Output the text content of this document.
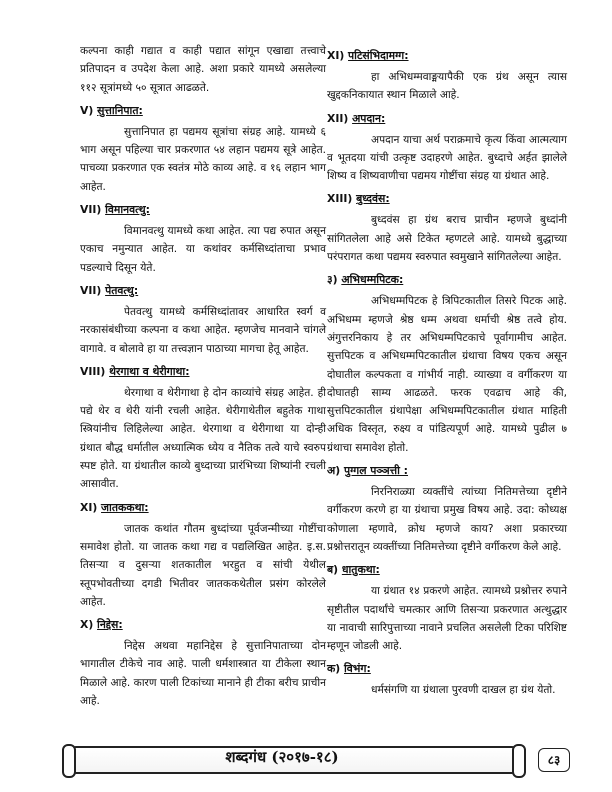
कल्पना काही गद्यात व काही पद्यात सांगून एखाद्या तत्त्वाचे प्रतिपादन व उपदेश केला आहे. अशा प्रकारे यामध्ये असलेल्या ११२ सूत्रांमध्ये ५० सूत्रात आढळते.

V) सुत्तानिपात:

सुत्तानिपात हा पद्यमय सूत्रांचा संग्रह आहे. यामध्ये ६ भाग असून पहिल्या चार प्रकरणात ५४ लहान पद्यमय सूत्रे आहेत. पाचव्या प्रकरणात एक स्वतंत्र मोठे काव्य आहे. व १६ लहान भाग आहेत.

VII) विमानवत्थु:

विमानवत्थु यामध्ये कथा आहेत. त्या पद्य रुपात असून एकाच नमुन्यात आहेत. या कथांवर कर्मसिध्दांताचा प्रभाव पडल्याचे दिसून येते.

VII) पेतवत्थु:

पेतवत्थु यामध्ये कर्मसिध्दांतावर आधारित स्वर्ग व नरकासंबंधीच्या कल्पना व कथा आहेत. म्हणजेच मानवाने चांगले वागावे. व बोलावे हा या तत्त्वज्ञान पाठाच्या मागचा हेतू आहेत.

VIII) थेरगाथा व थेरीगाथा:

थेरगाथा व थेरीगाथा हे दोन काव्यांचे संग्रह आहेत. ही पद्ये थेर व थेरी यांनी रचली आहेत. थेरीगाथेतील बहुतेक गाथा स्त्रियांनीच लिहिलेल्या आहेत. थेरगाथा व थेरीगाथा या दोन्ही ग्रंथात बौद्ध धर्मातील अध्यात्मिक ध्येय व नैतिक तत्वे याचे स्वरुप स्पष्ट होते. या ग्रंथातील काव्ये बुध्दाच्या प्रारंभिच्या शिष्यांनी रचली आसावीत.

XI) जातककथा:

जातक कथांत गौतम बुध्दांच्या पूर्वजन्मीच्या गोष्टींचा समावेश होतो. या जातक कथा गद्य व पद्यलिखित आहेत. इ.स. तिसऱ्या व दुसऱ्या शतकातील भरहुत व सांची येथील स्तूपभोवतीच्या दगडी भितीवर जातककथेतील प्रसंग कोरलेले आहेत.

X) निद्देस:

निद्देस अथवा महानिद्देस हे सुत्तानिपाताच्या दोन भागातील टीकेचे नाव आहे. पाली धर्मशास्त्रात या टीकेला स्थान मिळाले आहे. कारण पाली टिकांच्या मानाने ही टीका बरीच प्राचीन आहे.

XI) पटिसंभिदामग्ग:

हा अभिधम्मवाङ्मयापैकी एक ग्रंथ असून त्यास खुद्दकनिकायात स्थान मिळाले आहे.

XII) अपदान:

अपदान याचा अर्थ पराक्रमाचे कृत्य किंवा आत्मत्याग व भूतदया यांची उत्कृष्ट उदाहरणे आहेत. बुध्दाचे अर्हत झालेले शिष्य व शिष्यवाणीचा पद्यमय गोष्टींचा संग्रह या ग्रंथात आहे.

XIII) बुध्दवंस:

बुध्दवंस हा ग्रंथ बराच प्राचीन म्हणजे बुध्दांनी सांगितलेला आहे असे टिकेत म्हणटले आहे. यामध्ये बुद्धाच्या परंपरागत कथा पद्यमय स्वरुपात स्वमुखाने सांगितलेल्या आहेत.

३) अभिधम्मपिटक:

अभिधम्मपिटक हे त्रिपिटकातील तिसरे पिटक आहे. अभिधम्म म्हणजे श्रेष्ठ धम्म अथवा धर्माची श्रेष्ठ तत्वे होय. अंगुत्तरनिकाय हे तर अभिधम्मपिटकाचे पूर्वागामीच आहेत. सुत्तपिटक व अभिधम्मपिटकातील ग्रंथाचा विषय एकच असून दोघातील कल्पकता व गांभीर्य नाही. व्याख्या व वर्गीकरण या दोघातही साम्य आढळते. फरक एवढाच आहे की, सुत्तपिटकातील ग्रंथापेक्षा अभिधम्मपिटकातील ग्रंथात माहिती अधिक विस्तृत, रुक्ष्य व पांडित्यपूर्ण आहे. यामध्ये पुढील ७ ग्रंथाचा समावेश होतो.

अ) पुग्गल पञ्ञत्ती :

निरनिराळ्या व्यक्तींचे त्यांच्या नितिमत्तेच्या दृष्टीने वर्गीकरण करणे हा या ग्रंथाचा प्रमुख विषय आहे. उदा: कोध्यक्ष कोणाला म्हणावे, क्रोध म्हणजे काय? अशा प्रकारच्या प्रश्नोत्तरातून व्यक्तींच्या नितिमत्तेच्या दृष्टीने वर्गीकरण केले आहे.

ब) धातुकथा:

या ग्रंथात १४ प्रकरणे आहेत. त्यामध्ये प्रश्नोत्तर रुपाने सृष्टीतील पदार्थांचे चमत्कार आणि तिसऱ्या प्रकरणात अत्थुद्धार या नावाची सारिपुत्ताच्या नावाने प्रचलित असलेली टिका परिशिष्ट म्हणून जोडली आहे.

क) विभंग:

धर्मसंगणि या ग्रंथाला पुरवणी दाखल हा ग्रंथ येतो.

शब्दगंध (२०१७-१८)	८३
